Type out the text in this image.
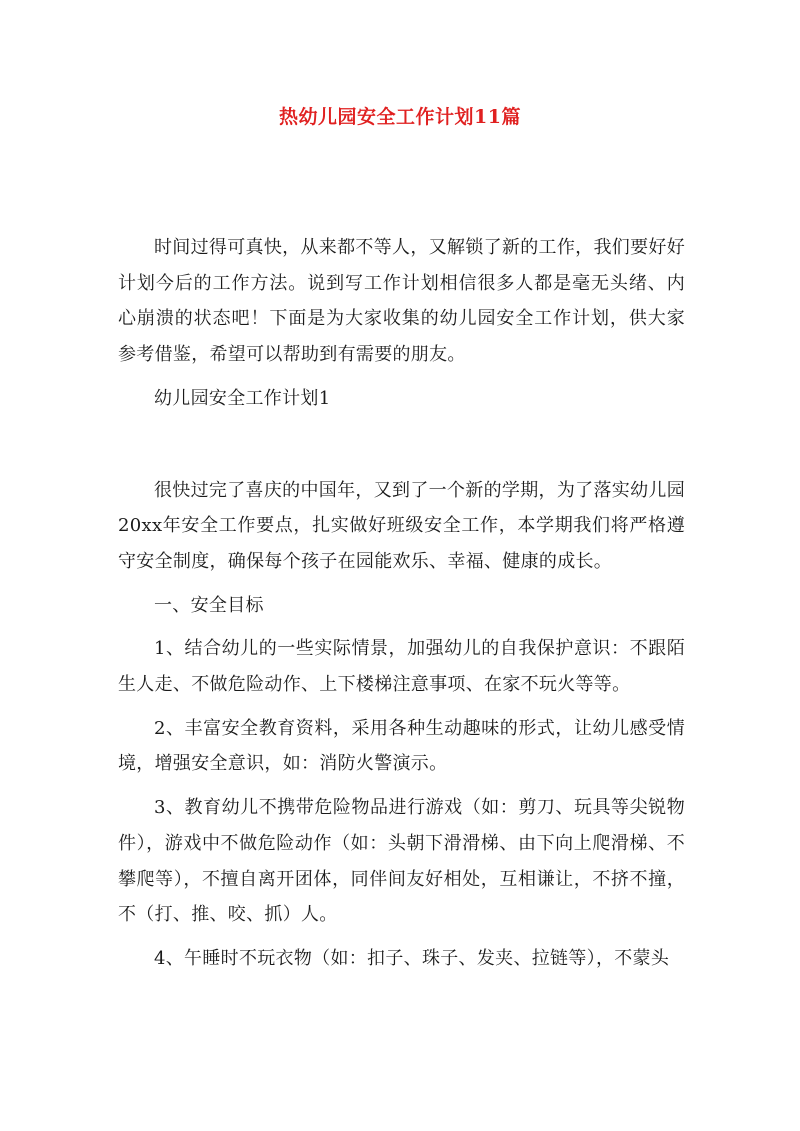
热幼儿园安全工作计划11篇

时间过得可真快，从来都不等人，又解锁了新的工作，我们要好好计划今后的工作方法。说到写工作计划相信很多人都是毫无头绪、内心崩溃的状态吧！下面是为大家收集的幼儿园安全工作计划，供大家参考借鉴，希望可以帮助到有需要的朋友。

幼儿园安全工作计划1

很快过完了喜庆的中国年，又到了一个新的学期，为了落实幼儿园20xx年安全工作要点，扎实做好班级安全工作，本学期我们将严格遵守安全制度，确保每个孩子在园能欢乐、幸福、健康的成长。

一、安全目标

1、结合幼儿的一些实际情景，加强幼儿的自我保护意识：不跟陌生人走、不做危险动作、上下楼梯注意事项、在家不玩火等等。

2、丰富安全教育资料，采用各种生动趣味的形式，让幼儿感受情境，增强安全意识，如：消防火警演示。

3、教育幼儿不携带危险物品进行游戏（如：剪刀、玩具等尖锐物件），游戏中不做危险动作（如：头朝下滑滑梯、由下向上爬滑梯、不攀爬等），不擅自离开团体，同伴间友好相处，互相谦让，不挤不撞，不（打、推、咬、抓）人。

4、午睡时不玩衣物（如：扣子、珠子、发夹、拉链等），不蒙头
